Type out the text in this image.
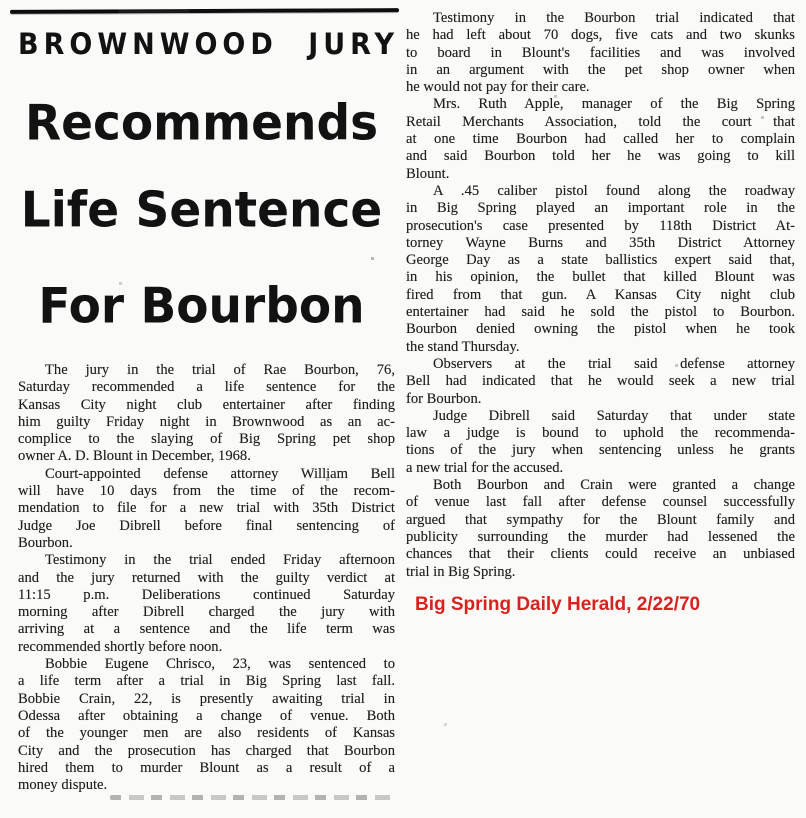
BROWNWOOD JURY
Recommends
Life Sentence
For Bourbon
The jury in the trial of Rae Bourbon, 76,
Saturday recommended a life sentence for the
Kansas City night club entertainer after finding
him guilty Friday night in Brownwood as an ac-
complice to the slaying of Big Spring pet shop
owner A. D. Blount in December, 1968.
Court-appointed defense attorney William Bell
will have 10 days from the time of the recom-
mendation to file for a new trial with 35th District
Judge Joe Dibrell before final sentencing of
Bourbon.
Testimony in the trial ended Friday afternoon
and the jury returned with the guilty verdict at
11:15 p.m. Deliberations continued Saturday
morning after Dibrell charged the jury with
arriving at a sentence and the life term was
recommended shortly before noon.
Bobbie Eugene Chrisco, 23, was sentenced to
a life term after a trial in Big Spring last fall.
Bobbie Crain, 22, is presently awaiting trial in
Odessa after obtaining a change of venue. Both
of the younger men are also residents of Kansas
City and the prosecution has charged that Bourbon
hired them to murder Blount as a result of a
money dispute.
Testimony in the Bourbon trial indicated that
he had left about 70 dogs, five cats and two skunks
to board in Blount's facilities and was involved
in an argument with the pet shop owner when
he would not pay for their care.
Mrs. Ruth Apple, manager of the Big Spring
Retail Merchants Association, told the court that
at one time Bourbon had called her to complain
and said Bourbon told her he was going to kill
Blount.
A .45 caliber pistol found along the roadway
in Big Spring played an important role in the
prosecution's case presented by 118th District At-
torney Wayne Burns and 35th District Attorney
George Day as a state ballistics expert said that,
in his opinion, the bullet that killed Blount was
fired from that gun. A Kansas City night club
entertainer had said he sold the pistol to Bourbon.
Bourbon denied owning the pistol when he took
the stand Thursday.
Observers at the trial said defense attorney
Bell had indicated that he would seek a new trial
for Bourbon.
Judge Dibrell said Saturday that under state
law a judge is bound to uphold the recommenda-
tions of the jury when sentencing unless he grants
a new trial for the accused.
Both Bourbon and Crain were granted a change
of venue last fall after defense counsel successfully
argued that sympathy for the Blount family and
publicity surrounding the murder had lessened the
chances that their clients could receive an unbiased
trial in Big Spring.
Big Spring Daily Herald, 2/22/70
